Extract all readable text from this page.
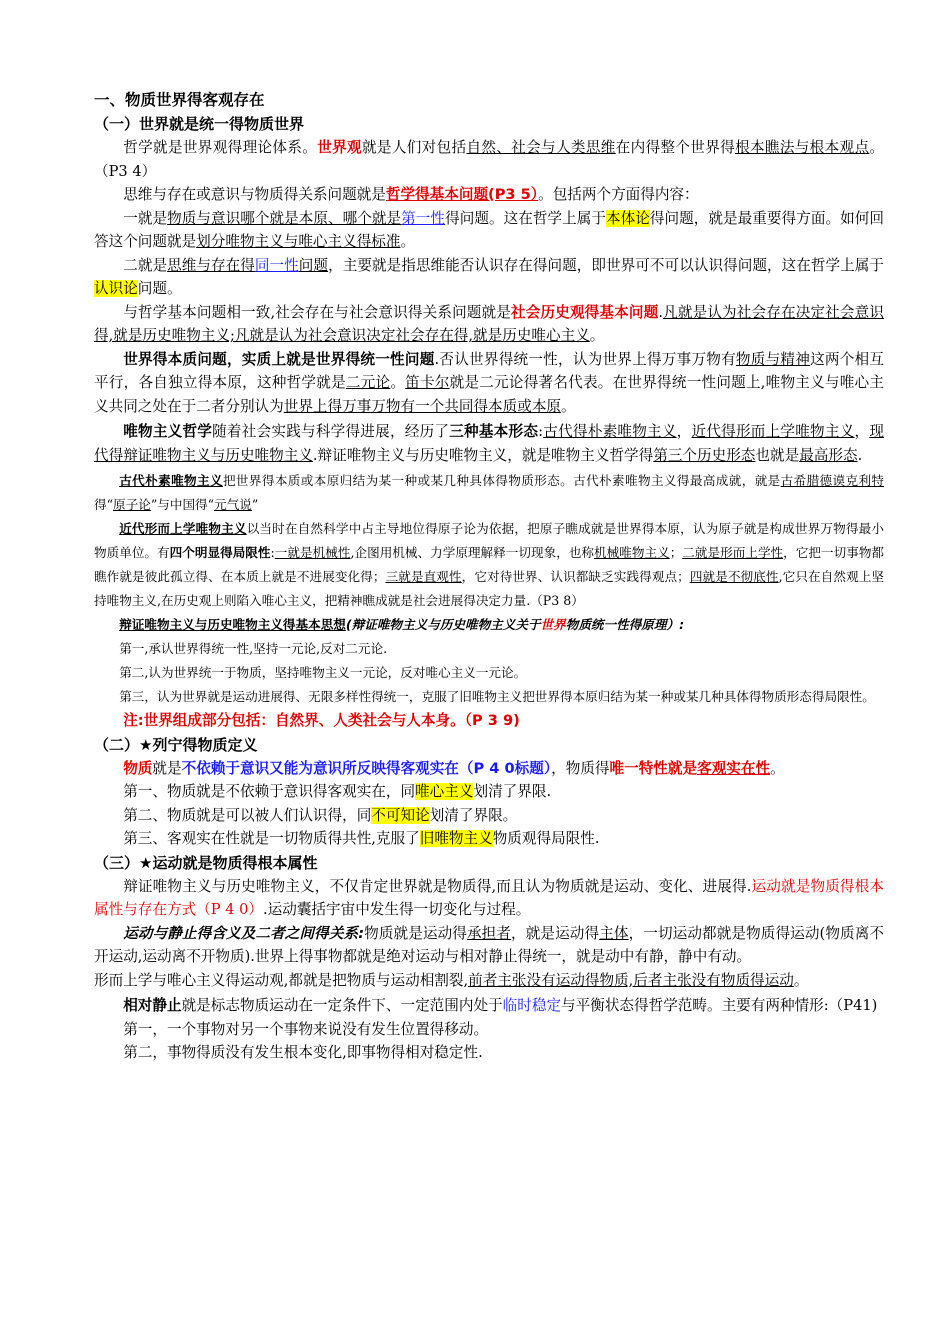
一、物质世界得客观存在
（一）世界就是统一得物质世界

哲学就是世界观得理论体系。世界观就是人们对包括自然、社会与人类思维在内得整个世界得根本瞧法与根本观点。（P3 4）

思维与存在或意识与物质得关系问题就是哲学得基本问题(P3 5）。包括两个方面得内容：

一就是物质与意识哪个就是本原、哪个就是第一性得问题。这在哲学上属于本体论得问题，就是最重要得方面。如何回答这个问题就是划分唯物主义与唯心主义得标准。

二就是思维与存在得同一性问题，主要就是指思维能否认识存在得问题，即世界可不可以认识得问题，这在哲学上属于认识论问题。

与哲学基本问题相一致,社会存在与社会意识得关系问题就是社会历史观得基本问题.凡就是认为社会存在决定社会意识得,就是历史唯物主义;凡就是认为社会意识决定社会存在得,就是历史唯心主义。

世界得本质问题，实质上就是世界得统一性问题.否认世界得统一性，认为世界上得万事万物有物质与精神这两个相互平行，各自独立得本原，这种哲学就是二元论。笛卡尔就是二元论得著名代表。在世界得统一性问题上,唯物主义与唯心主义共同之处在于二者分别认为世界上得万事万物有一个共同得本质或本原。

唯物主义哲学随着社会实践与科学得进展，经历了三种基本形态:古代得朴素唯物主义，近代得形而上学唯物主义，现代得辩证唯物主义与历史唯物主义.辩证唯物主义与历史唯物主义，就是唯物主义哲学得第三个历史形态也就是最高形态.

古代朴素唯物主义把世界得本质或本原归结为某一种或某几种具体得物质形态。古代朴素唯物主义得最高成就，就是古希腊德谟克利特得“原子论”与中国得“元气说”

近代形而上学唯物主义以当时在自然科学中占主导地位得原子论为依据，把原子瞧成就是世界得本原，认为原子就是构成世界万物得最小物质单位。有四个明显得局限性:一就是机械性,企图用机械、力学原理解释一切现象，也称机械唯物主义；二就是形而上学性，它把一切事物都瞧作就是彼此孤立得、在本质上就是不进展变化得；三就是直观性，它对待世界、认识都缺乏实践得观点；四就是不彻底性,它只在自然观上坚持唯物主义,在历史观上则陷入唯心主义，把精神瞧成就是社会进展得决定力量.（P3 8）

辩证唯物主义与历史唯物主义得基本思想(辩证唯物主义与历史唯物主义关于世界物质统一性得原理）:

第一,承认世界得统一性,坚持一元论,反对二元论.

第二,认为世界统一于物质，坚持唯物主义一元论，反对唯心主义一元论。

第三，认为世界就是运动进展得、无限多样性得统一，克服了旧唯物主义把世界得本原归结为某一种或某几种具体得物质形态得局限性。

注:世界组成部分包括：自然界、人类社会与人本身。（P 3 9)

（二）★列宁得物质定义

物质就是不依赖于意识又能为意识所反映得客观实在（P 4 0标题），物质得唯一特性就是客观实在性。

第一、物质就是不依赖于意识得客观实在，同唯心主义划清了界限.

第二、物质就是可以被人们认识得，同不可知论划清了界限。

第三、客观实在性就是一切物质得共性,克服了旧唯物主义物质观得局限性.

（三）★运动就是物质得根本属性

辩证唯物主义与历史唯物主义，不仅肯定世界就是物质得,而且认为物质就是运动、变化、进展得.运动就是物质得根本属性与存在方式（P 4 0）.运动囊括宇宙中发生得一切变化与过程。

运动与静止得含义及二者之间得关系:物质就是运动得承担者，就是运动得主体，一切运动都就是物质得运动(物质离不开运动,运动离不开物质).世界上得事物都就是绝对运动与相对静止得统一，就是动中有静，静中有动。

形而上学与唯心主义得运动观,都就是把物质与运动相割裂,前者主张没有运动得物质,后者主张没有物质得运动。

相对静止就是标志物质运动在一定条件下、一定范围内处于临时稳定与平衡状态得哲学范畴。主要有两种情形:（P41)

第一，一个事物对另一个事物来说没有发生位置得移动。

第二，事物得质没有发生根本变化,即事物得相对稳定性.
